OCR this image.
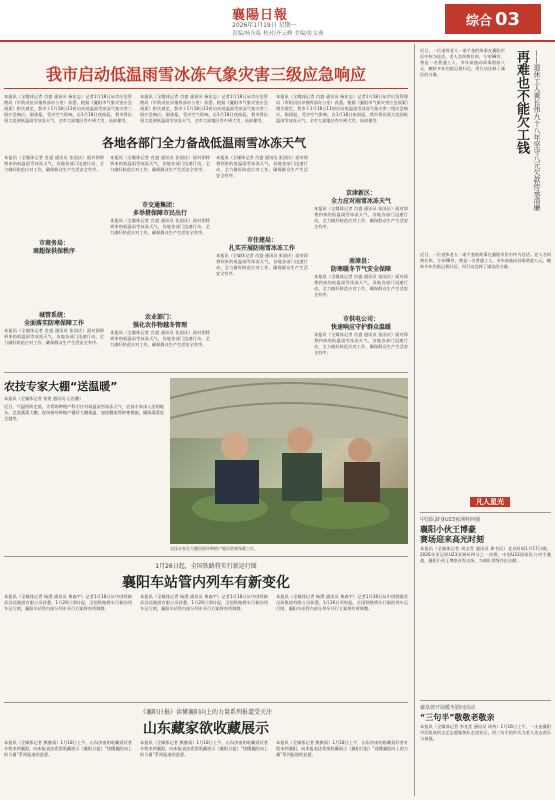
襄陽日報
2026年1月19日 星期一
责编/杨东临 校对/齐云峰 美编/张文燕
综合 03
我市启动低温雨雪冰冻气象灾害三级应急响应
本报讯（全媒体记者 肖盛 通讯员 杨宏志）记者1月18日从市应急管理局（市防汛抗旱指挥部办公室）获悉，根据《襄阳市气象灾害应急预案》相关规定，我市于1月18日11时启动低温雨雪冰冻气象灾害三级应急响应。据预报，受冷空气影响，自1月18日夜间起，我市将出现大范围低温雨雪冰冻天气，全市大部地区有中到大雪，局部暴雪。
本报讯（全媒体记者 肖盛 通讯员 杨宏志）记者1月18日从市应急管理局（市防汛抗旱指挥部办公室）获悉，根据《襄阳市气象灾害应急预案》相关规定，我市于1月18日11时启动低温雨雪冰冻气象灾害三级应急响应。据预报，受冷空气影响，自1月18日夜间起，我市将出现大范围低温雨雪冰冻天气，全市大部地区有中到大雪，局部暴雪。
本报讯（全媒体记者 肖盛 通讯员 杨宏志）记者1月18日从市应急管理局（市防汛抗旱指挥部办公室）获悉，根据《襄阳市气象灾害应急预案》相关规定，我市于1月18日11时启动低温雨雪冰冻气象灾害三级应急响应。据预报，受冷空气影响，自1月18日夜间起，我市将出现大范围低温雨雪冰冻天气，全市大部地区有中到大雪，局部暴雪。
各地各部门全力备战低温雨雪冰冻天气
本报讯（全媒体记者 肖盛 通讯员 张国庆）面对即将到来的低温雨雪冰冻天气，各地各部门迅速行动，全力做好防范应对工作，确保群众生产生活安全有序。
市商务局：
商超保供保秩序
城管系统：
全面落实防寒保障工作
本报讯（全媒体记者 肖盛 通讯员 张国庆）面对即将到来的低温雨雪冰冻天气，各地各部门迅速行动，全力做好防范应对工作，确保群众生产生活安全有序。
本报讯（全媒体记者 肖盛 通讯员 张国庆）面对即将到来的低温雨雪冰冻天气，各地各部门迅速行动，全力做好防范应对工作，确保群众生产生活安全有序。
市交通集团：
多举措保障市民出行
本报讯（全媒体记者 肖盛 通讯员 张国庆）面对即将到来的低温雨雪冰冻天气，各地各部门迅速行动，全力做好防范应对工作，确保群众生产生活安全有序。
农业部门：
强化农作物越冬管理
本报讯（全媒体记者 肖盛 通讯员 张国庆）面对即将到来的低温雨雪冰冻天气，各地各部门迅速行动，全力做好防范应对工作，确保群众生产生活安全有序。
本报讯（全媒体记者 肖盛 通讯员 张国庆）面对即将到来的低温雨雪冰冻天气，各地各部门迅速行动，全力做好防范应对工作，确保群众生产生活安全有序。
市住建局：
扎实开展防雨雪冰冻工作
本报讯（全媒体记者 肖盛 通讯员 张国庆）面对即将到来的低温雨雪冰冻天气，各地各部门迅速行动，全力做好防范应对工作，确保群众生产生活安全有序。
京津新区：
全力应对雨雪冰冻天气
本报讯（全媒体记者 肖盛 通讯员 张国庆）面对即将到来的低温雨雪冰冻天气，各地各部门迅速行动，全力做好防范应对工作，确保群众生产生活安全有序。
南漳县：
防寒暖冬节气安全保障
本报讯（全媒体记者 肖盛 通讯员 张国庆）面对即将到来的低温雨雪冰冻天气，各地各部门迅速行动，全力做好防范应对工作，确保群众生产生活安全有序。
市供电公司：
快速响应守护群众温暖
本报讯（全媒体记者 肖盛 通讯员 张国庆）面对即将到来的低温雨雪冰冻天气，各地各部门迅速行动，全力做好防范应对工作，确保群众生产生活安全有序。
农技专家大棚“送温暖”
本报讯（全媒体记者 张建 通讯员 石浩鹏）
近日，气温持续走低，为帮助种植户科学应对低温雨雪冰冻天气，农技专家深入田间地头，走进蔬菜大棚，现场指导种植户做好大棚保温、加固棚架等防寒措施，确保蔬菜安全越冬。
农技专家在大棚里指导种植户做好防寒保暖工作。
1月26日起，全国铁路将实行新运行图
襄阳车站管内列车有新变化
本报讯（全媒体记者 杨澄 通讯员 黄森宇）记者1月18日从中国铁路武汉局集团有限公司获悉，1月26日零时起，全国铁路将实行新的列车运行图，襄阳车站管内部分列车开行方案将有所调整。
本报讯（全媒体记者 杨澄 通讯员 黄森宇）记者1月18日从中国铁路武汉局集团有限公司获悉，1月26日零时起，全国铁路将实行新的列车运行图，襄阳车站管内部分列车开行方案将有所调整。
本报讯（全媒体记者 杨澄 通讯员 黄森宇）记者1月18日从中国铁路武汉局集团有限公司获悉，1月26日零时起，全国铁路将实行新的列车运行图，襄阳车站管内部分列车开行方案将有所调整。
《襄阳日报》读懂襄阳向上的力量系列报道受关注
山东藏家欲收藏展示
本报讯（全媒体记者 熊雅雨）1月18日上午，山东济南的收藏爱好者专程来到襄阳，向本报表达希望收藏展示《襄阳日报》“读懂襄阳向上的力量”系列报道的意愿。
本报讯（全媒体记者 熊雅雨）1月18日上午，山东济南的收藏爱好者专程来到襄阳，向本报表达希望收藏展示《襄阳日报》“读懂襄阳向上的力量”系列报道的意愿。
本报讯（全媒体记者 熊雅雨）1月18日上午，山东济南的收藏爱好者专程来到襄阳，向本报表达希望收藏展示《襄阳日报》“读懂襄阳向上的力量”系列报道的意愿。
近日，一位退休老人一诺千金的故事在襄阳市民中传为佳话。老人名叫黄长伟，今年98岁，曾是一名普通工人。多年前他向同事借款八元，辗转多年仍惦记着归还，用行动诠释了诚信的分量。	再难也不能欠工钱 ——退休工人黄长伟九十八年坚守八元欠款传承清廉
近日，一位退休老人一诺千金的故事在襄阳市民中传为佳话。老人名叫黄长伟，今年98岁，曾是一名普通工人。多年前他向同事借款八元，辗转多年仍惦记着归还，用行动诠释了诚信的分量。
凡人星光
中国队跻身U23亚洲杯四强
襄阳小伙王博豪
赛场迎来高光时刻
本报讯（全媒体记者 刘宝青 通讯员 黄书民）北京时间1月17日晚，2026年亚足联U23亚洲杯四分之一决赛，中国U23国家队与对手激战，襄阳小伙王博豪首发出场，为球队晋级作出贡献。
襄泉坡开展暖冬慰问活动
“三句半”敬敬老敬亲
本报讯（全媒体记者 李龙美 通讯员 胡秀）1月16日上午，一支由襄阳市民组成的文艺志愿服务队走进社区，用三句半的形式为老人送去欢乐与祝福。
